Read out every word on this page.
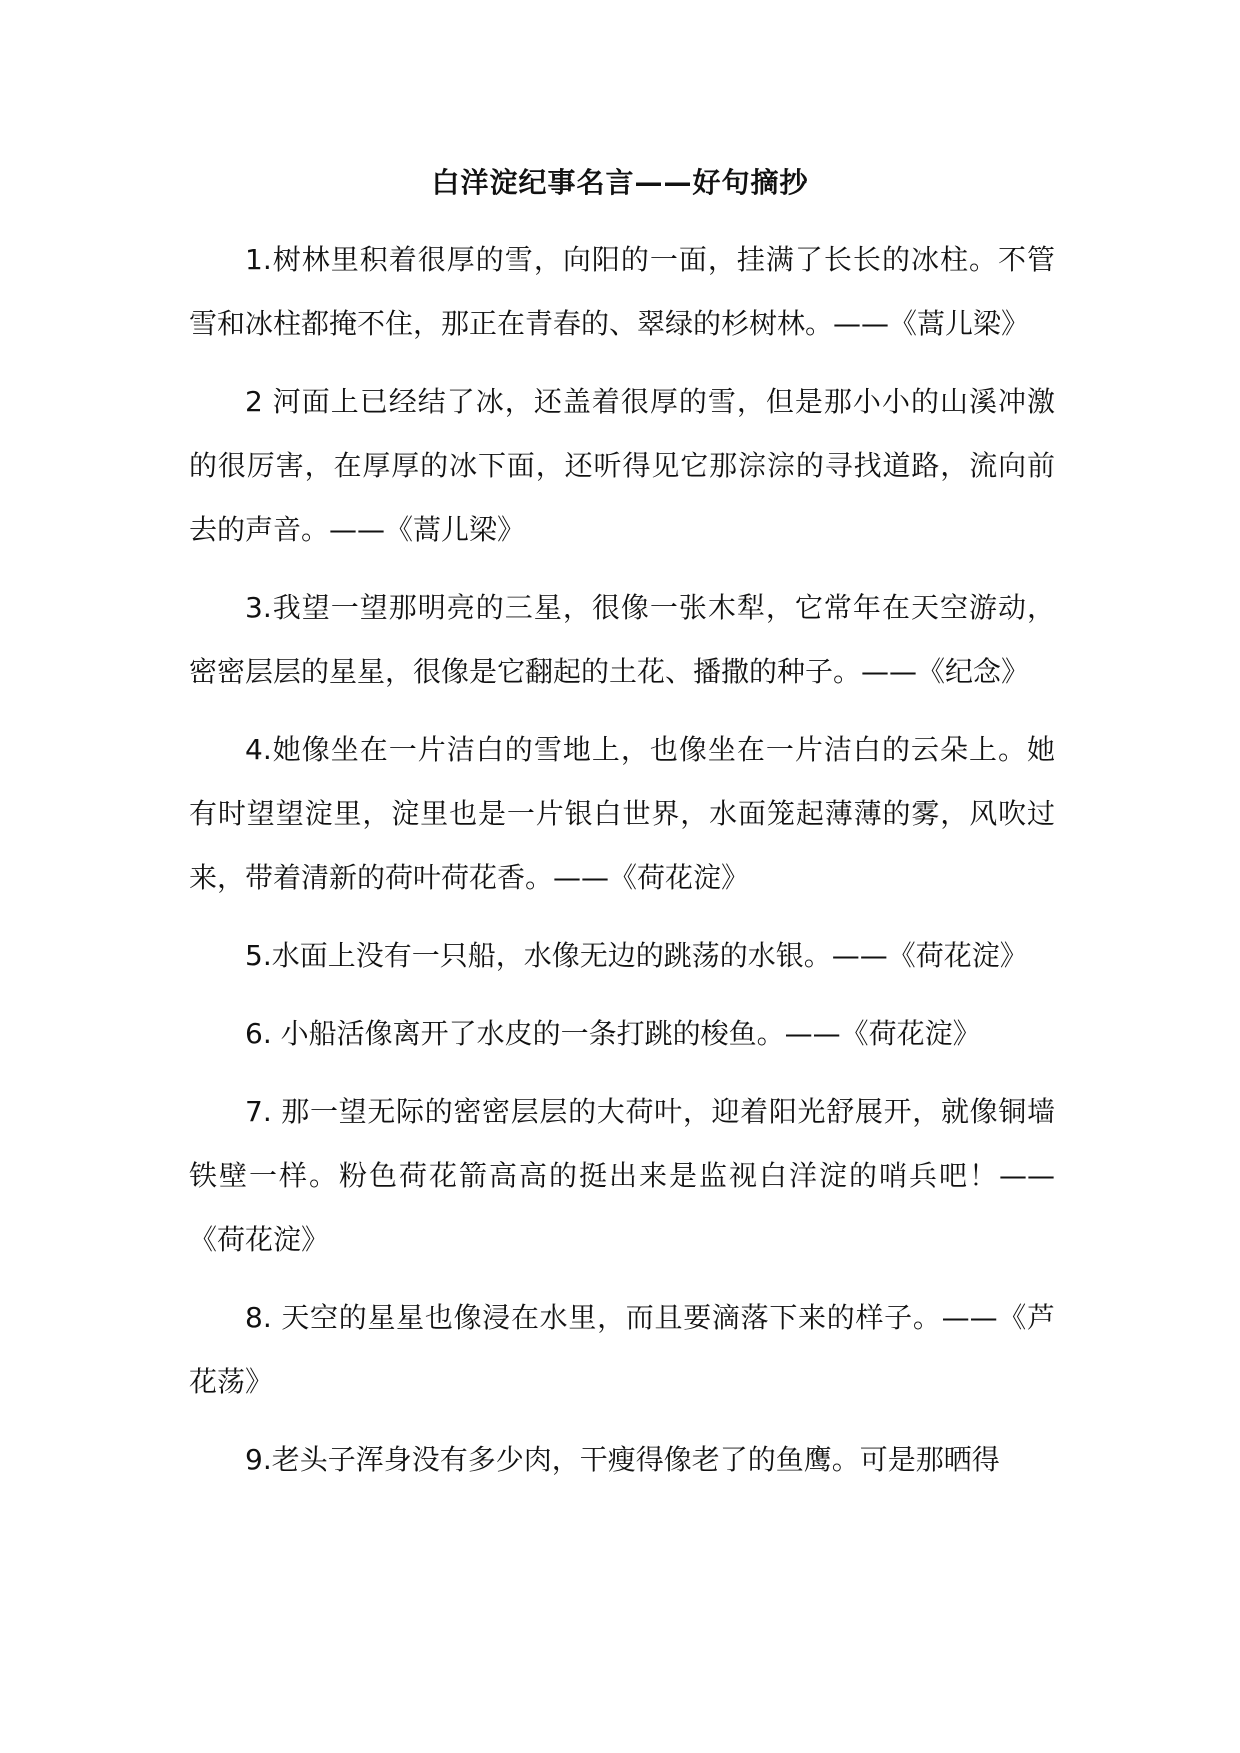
白洋淀纪事名言——好句摘抄

1.树林里积着很厚的雪，向阳的一面，挂满了长长的冰柱。不管雪和冰柱都掩不住，那正在青春的、翠绿的杉树林。——《蒿儿梁》

2 河面上已经结了冰，还盖着很厚的雪，但是那小小的山溪冲激的很厉害，在厚厚的冰下面，还听得见它那淙淙的寻找道路，流向前去的声音。——《蒿儿梁》

3.我望一望那明亮的三星，很像一张木犁，它常年在天空游动，密密层层的星星，很像是它翻起的土花、播撒的种子。——《纪念》

4.她像坐在一片洁白的雪地上，也像坐在一片洁白的云朵上。她有时望望淀里，淀里也是一片银白世界，水面笼起薄薄的雾，风吹过来，带着清新的荷叶荷花香。——《荷花淀》

5.水面上没有一只船，水像无边的跳荡的水银。——《荷花淀》

6. 小船活像离开了水皮的一条打跳的梭鱼。——《荷花淀》

7. 那一望无际的密密层层的大荷叶，迎着阳光舒展开，就像铜墙铁壁一样。粉色荷花箭高高的挺出来是监视白洋淀的哨兵吧！——《荷花淀》

8. 天空的星星也像浸在水里，而且要滴落下来的样子。——《芦花荡》

9.老头子浑身没有多少肉，干瘦得像老了的鱼鹰。可是那晒得
